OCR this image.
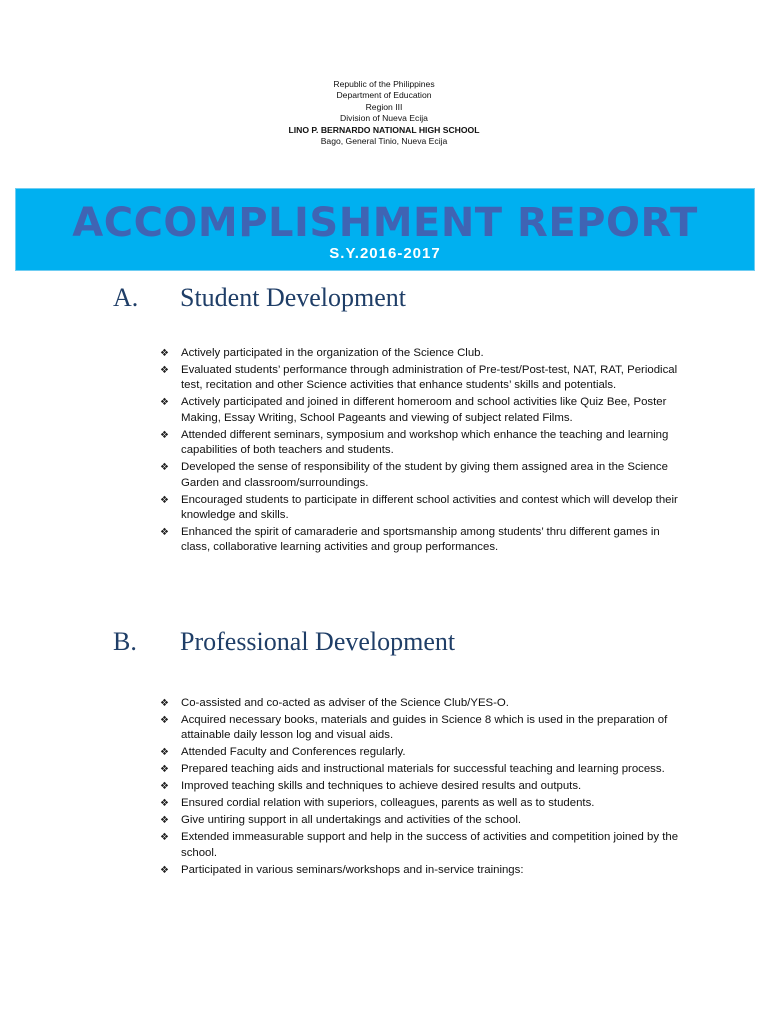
Republic of the Philippines
Department of Education
Region III
Division of Nueva Ecija
LINO P. BERNARDO NATIONAL HIGH SCHOOL
Bago, General Tinio, Nueva Ecija
ACCOMPLISHMENT REPORT
S.Y.2016-2017
A. Student Development
❖ Actively participated in the organization of the Science Club.
❖ Evaluated students’ performance through administration of Pre-test/Post-test, NAT, RAT, Periodical test, recitation and other Science activities that enhance students’ skills and potentials.
❖ Actively participated and joined in different homeroom and school activities like Quiz Bee, Poster Making, Essay Writing, School Pageants and viewing of subject related Films.
❖ Attended different seminars, symposium and workshop which enhance the teaching and learning capabilities of both teachers and students.
❖ Developed the sense of responsibility of the student by giving them assigned area in the Science Garden and classroom/surroundings.
❖ Encouraged students to participate in different school activities and contest which will develop their knowledge and skills.
❖ Enhanced the spirit of camaraderie and sportsmanship among students’ thru different games in class, collaborative learning activities and group performances.
B. Professional Development
❖ Co-assisted and co-acted as adviser of the Science Club/YES-O.
❖ Acquired necessary books, materials and guides in Science 8 which is used in the preparation of attainable daily lesson log and visual aids.
❖ Attended Faculty and Conferences regularly.
❖ Prepared teaching aids and instructional materials for successful teaching and learning process.
❖ Improved teaching skills and techniques to achieve desired results and outputs.
❖ Ensured cordial relation with superiors, colleagues, parents as well as to students.
❖ Give untiring support in all undertakings and activities of the school.
❖ Extended immeasurable support and help in the success of activities and competition joined by the school.
❖ Participated in various seminars/workshops and in-service trainings:
